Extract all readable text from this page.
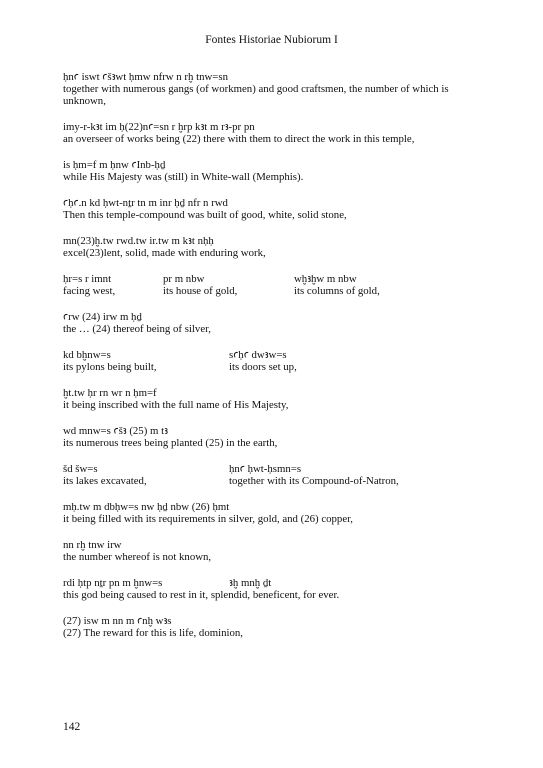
Fontes Historiae Nubiorum I
ḥnꜥ iswt ꜥšꜣwt ḥmw nfrw n rḫ tnw=sn
together with numerous gangs (of workmen) and good craftsmen, the number of which is unknown,
imy-r-kꜣt im ḥ(22)nꜥ=sn r ḫrp kꜣt m rꜣ-pr pn
an overseer of works being (22) there with them to direct the work in this temple,
is ḥm=f m ḥnw ꜥInb-ḥḏ
while His Majesty was (still) in White-wall (Memphis).
ꜥḥꜥ.n kd ḥwt-nṯr tn m inr ḥḏ nfr n rwd
Then this temple-compound was built of good, white, solid stone,
mn(23)ḫ.tw rwd.tw ir.tw m kꜣt nḥḥ
excel(23)lent, solid, made with enduring work,
ḥr=s r imnt	pr m nbw	wḫꜣḫw m nbw
facing west,	its house of gold,	its columns of gold,
ꜥrw (24) irw m ḥḏ
the … (24) thereof being of silver,
kd bḫnw=s	sꜥḥꜥ dwꜣw=s
its pylons being built,	its doors set up,
ḫt.tw ḥr rn wr n ḥm=f
it being inscribed with the full name of His Majesty,
wd mnw=s ꜥšꜣ (25) m tꜣ
its numerous trees being planted (25) in the earth,
šd šw=s	ḥnꜥ ḥwt-ḥsmn=s
its lakes excavated,	together with its Compound-of-Natron,
mḥ.tw m dbḥw=s nw ḥḏ nbw (26) ḥmt
it being filled with its requirements in silver, gold, and (26) copper,
nn rḫ tnw irw
the number whereof is not known,
rdi ḥtp nṯr pn m ḫnw=s	ꜣḫ mnḫ ḏt
this god being caused to rest in it, splendid, beneficent, for ever.
(27) isw m nn m ꜥnḫ wꜣs
(27) The reward for this is life, dominion,
142
